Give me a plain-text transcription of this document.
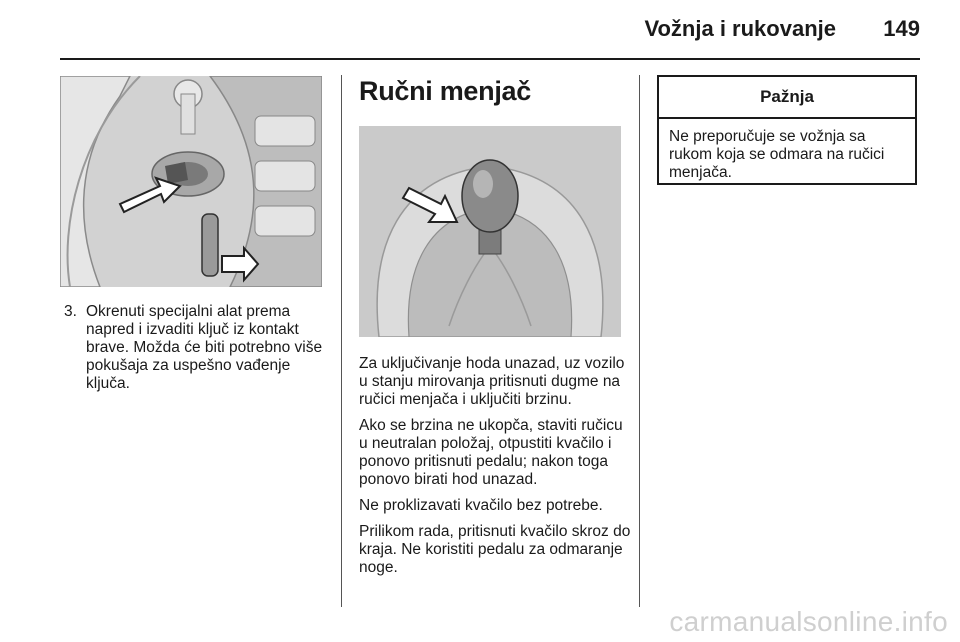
Vožnja i rukovanje 149
3. Okrenuti specijalni alat prema napred i izvaditi ključ iz kontakt brave. Možda će biti potrebno više pokušaja za uspešno vađenje ključa.
Ručni menjač

Za uključivanje hoda unazad, uz vozilo u stanju mirovanja pritisnuti dugme na ručici menjača i uključiti brzinu.

Ako se brzina ne ukopča, staviti ručicu u neutralan položaj, otpustiti kvačilo i ponovo pritisnuti pedalu; nakon toga ponovo birati hod unazad.

Ne proklizavati kvačilo bez potrebe.

Prilikom rada, pritisnuti kvačilo skroz do kraja. Ne koristiti pedalu za odmaranje noge.

Pažnja
Ne preporučuje se vožnja sa rukom koja se odmara na ručici menjača.
carmanualsonline.info
